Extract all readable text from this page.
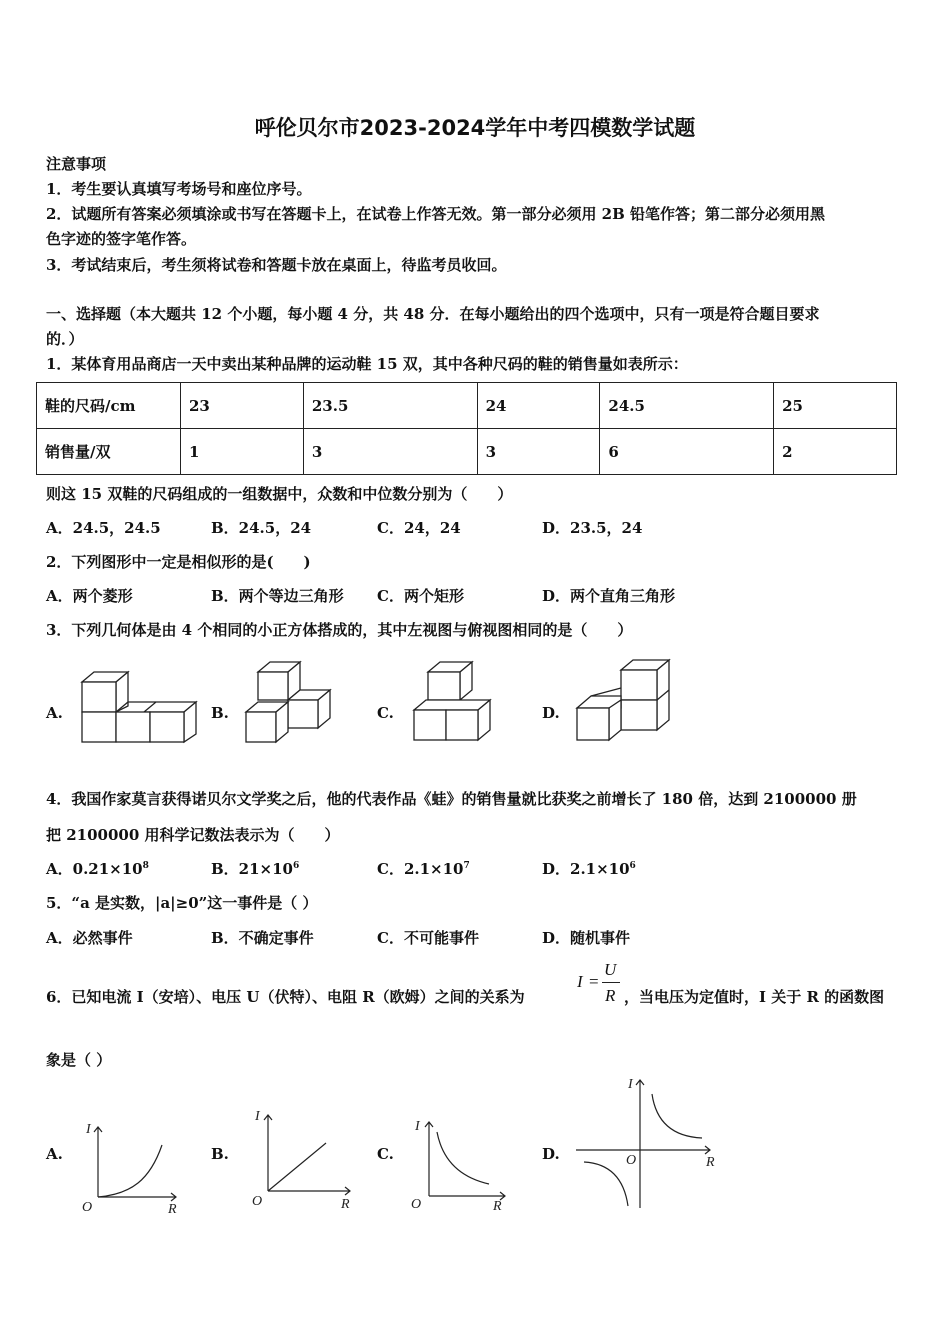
呼伦贝尔市2023-2024学年中考四模数学试题
注意事项
1．考生要认真填写考场号和座位序号。
2．试题所有答案必须填涂或书写在答题卡上，在试卷上作答无效。第一部分必须用 2B 铅笔作答；第二部分必须用黑
色字迹的签字笔作答。
3．考试结束后，考生须将试卷和答题卡放在桌面上，待监考员收回。
一、选择题（本大题共 12 个小题，每小题 4 分，共 48 分．在每小题给出的四个选项中，只有一项是符合题目要求
的．）
1．某体育用品商店一天中卖出某种品牌的运动鞋 15 双，其中各种尺码的鞋的销售量如表所示：
鞋的尺码/cm	23	23.5	24	24.5	25
销售量/双	1	3	3	6	2
则这 15 双鞋的尺码组成的一组数据中，众数和中位数分别为（　　）
A．24.5，24.5	B．24.5，24	C．24，24	D．23.5，24
2．下列图形中一定是相似形的是(　　)
A．两个菱形	B．两个等边三角形 C．两个矩形	D．两个直角三角形
3．下列几何体是由 4 个相同的小正方体搭成的，其中左视图与俯视图相同的是（　　）
A.	B.	C.	D.
4．我国作家莫言获得诺贝尔文学奖之后，他的代表作品《蛙》的销售量就比获奖之前增长了 180 倍，达到 2100000 册
把 2100000 用科学记数法表示为（　　）
A．$0.21\times 10^8$	B．$21\times 10^6$	C．$2.1\times 10^7$	D．$2.1\times 10^6$
5．“a 是实数，|a|≥0”这一事件是（ ）
A．必然事件	B．不确定事件	C．不可能事件	D．随机事件
6．已知电流 I（安培）、电压 U（伏特）、电阻 R（欧姆）之间的关系为
I =
U
R ，当电压为定值时，I 关于 R 的函数图
象是（ ）
A.	B.	C.	D.
I
R
O
I
R
O
I
R
O
I
R
O
